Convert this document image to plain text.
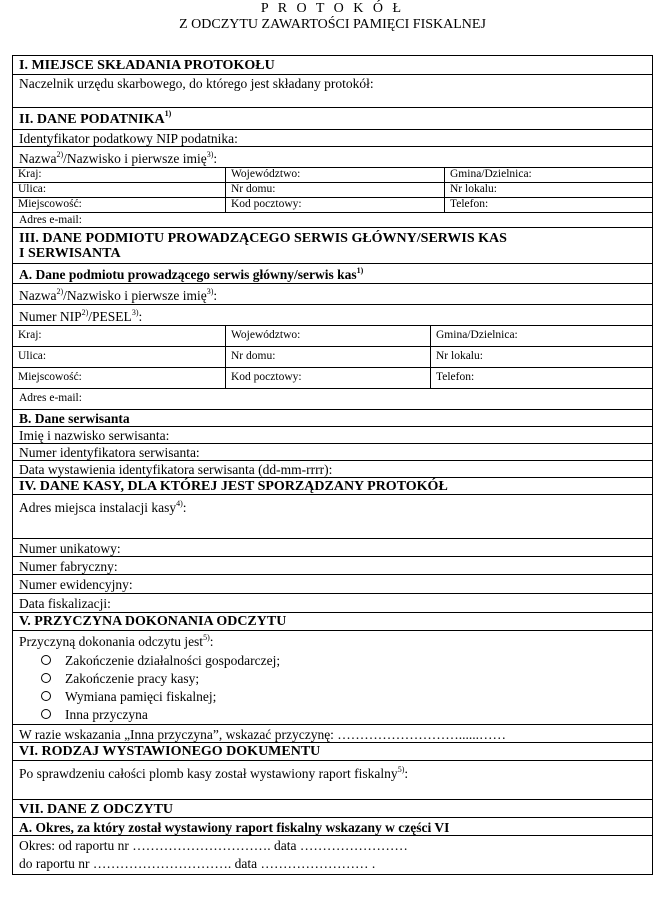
P R O T O K Ó Ł
Z ODCZYTU ZAWARTOŚCI PAMIĘCI FISKALNEJ
I. MIEJSCE SKŁADANIA PROTOKOŁU
Naczelnik urzędu skarbowego, do którego jest składany protokół:
II. DANE PODATNIKA$^{1)}$
Identyfikator podatkowy NIP podatnika:
Nazwa$^{2)}$/Nazwisko i pierwsze imię$^{3)}$:
Kraj:	Województwo:	Gmina/Dzielnica:
Ulica:	Nr domu:	Nr lokalu:
Miejscowość:	Kod pocztowy:	Telefon:
Adres e-mail:
III. DANE PODMIOTU PROWADZĄCEGO SERWIS GŁÓWNY/SERWIS KAS
I SERWISANTA
A. Dane podmiotu prowadzącego serwis główny/serwis kas$^{1)}$
Nazwa$^{2)}$/Nazwisko i pierwsze imię$^{3)}$:
Numer NIP$^{2)}$/PESEL$^{3)}$:
Kraj:	Województwo:	Gmina/Dzielnica:
Ulica:	Nr domu:	Nr lokalu:
Miejscowość:	Kod pocztowy:	Telefon:
Adres e-mail:
B. Dane serwisanta
Imię i nazwisko serwisanta:
Numer identyfikatora serwisanta:
Data wystawienia identyfikatora serwisanta (dd-mm-rrrr):
IV. DANE KASY, DLA KTÓREJ JEST SPORZĄDZANY PROTOKÓŁ
Adres miejsca instalacji kasy$^{4)}$:
Numer unikatowy:
Numer fabryczny:
Numer ewidencyjny:
Data fiskalizacji:
V. PRZYCZYNA DOKONANIA ODCZYTU
Przyczyną dokonania odczytu jest$^{5)}$:
Zakończenie działalności gospodarczej;
Zakończenie pracy kasy;
Wymiana pamięci fiskalnej;
Inna przyczyna
W razie wskazania „Inna przyczyna”, wskazać przyczynę: ………………………......……
VI. RODZAJ WYSTAWIONEGO DOKUMENTU
Po sprawdzeniu całości plomb kasy został wystawiony raport fiskalny$^{5)}$:
VII. DANE Z ODCZYTU
A. Okres, za który został wystawiony raport fiskalny wskazany w części VI
Okres: od raportu nr …………………………. data ……………………
do raportu nr …………………………. data …………………… .
